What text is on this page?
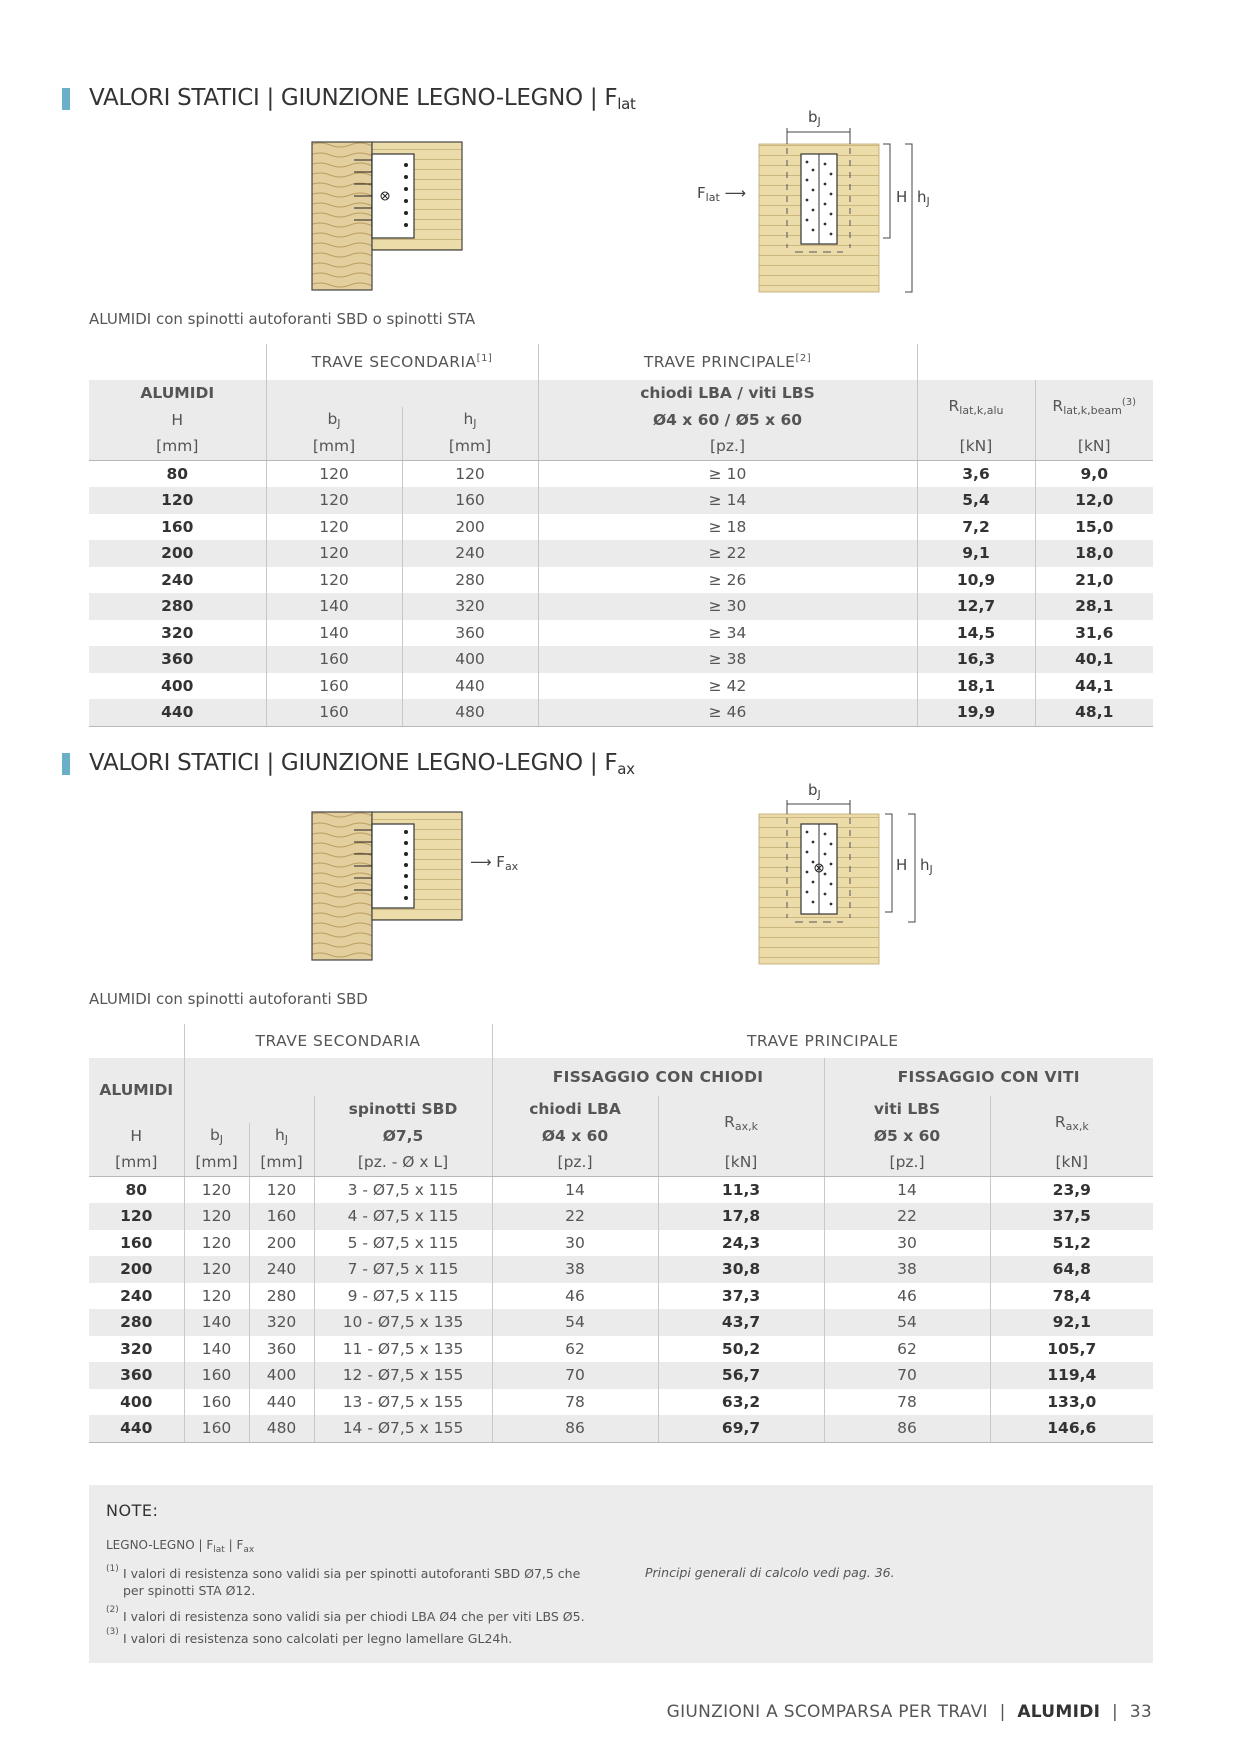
VALORI STATICI | GIUNZIONE LEGNO-LEGNO | $F_{lat}$
$b_J$
$F_{lat}$ ⟶	H $h_J$
ALUMIDI con spinotti autoforanti SBD o spinotti STA
	TRAVE SECONDARIA[1]		TRAVE PRINCIPALE[2]	
ALUMIDI			chiodi LBA / viti LBS	$R_{lat,k,alu}$	$R_{lat,k,beam}^{(3)}$
H	$b_J$	$h_J$	Ø4 x 60 / Ø5 x 60		
[mm]	[mm]	[mm]	[pz.]	[kN]	[kN]
80	120	120	≥ 10	3,6	9,0
120	120	160	≥ 14	5,4	12,0
160	120	200	≥ 18	7,2	15,0
200	120	240	≥ 22	9,1	18,0
240	120	280	≥ 26	10,9	21,0
280	140	320	≥ 30	12,7	28,1
320	140	360	≥ 34	14,5	31,6
360	160	400	≥ 38	16,3	40,1
400	160	440	≥ 42	18,1	44,1
440	160	480	≥ 46	19,9	48,1
VALORI STATICI | GIUNZIONE LEGNO-LEGNO | $F_{ax}$
⟶ $F_{ax}$
$b_J$
H $h_J$
ALUMIDI con spinotti autoforanti SBD
	TRAVE SECONDARIA			TRAVE PRINCIPALE			
ALUMIDI				FISSAGGIO CON CHIODI		FISSAGGIO CON VITI	
			spinotti SBD	chiodi LBA	$R_{ax,k}$	viti LBS	$R_{ax,k}$
H	$b_J$	$h_J$	Ø7,5	Ø4 x 60		Ø5 x 60	
[mm]	[mm]	[mm]	[pz. - Ø x L]	[pz.]	[kN]	[pz.]	[kN]
80	120	120	3 - Ø7,5 x 115	14	11,3	14	23,9
120	120	160	4 - Ø7,5 x 115	22	17,8	22	37,5
160	120	200	5 - Ø7,5 x 115	30	24,3	30	51,2
200	120	240	7 - Ø7,5 x 115	38	30,8	38	64,8
240	120	280	9 - Ø7,5 x 115	46	37,3	46	78,4
280	140	320	10 - Ø7,5 x 135	54	43,7	54	92,1
320	140	360	11 - Ø7,5 x 135	62	50,2	62	105,7
360	160	400	12 - Ø7,5 x 155	70	56,7	70	119,4
400	160	440	13 - Ø7,5 x 155	78	63,2	78	133,0
440	160	480	14 - Ø7,5 x 155	86	69,7	86	146,6
NOTE:
LEGNO-LEGNO | $F_{lat}$ | $F_{ax}$
(1) I valori di resistenza sono validi sia per spinotti autoforanti SBD Ø7,5 che per spinotti STA Ø12.
(2) I valori di resistenza sono validi sia per chiodi LBA Ø4 che per viti LBS Ø5.
(3) I valori di resistenza sono calcolati per legno lamellare GL24h.
Principi generali di calcolo vedi pag. 36.
GIUNZIONI A SCOMPARSA PER TRAVI | ALUMIDI | 33
